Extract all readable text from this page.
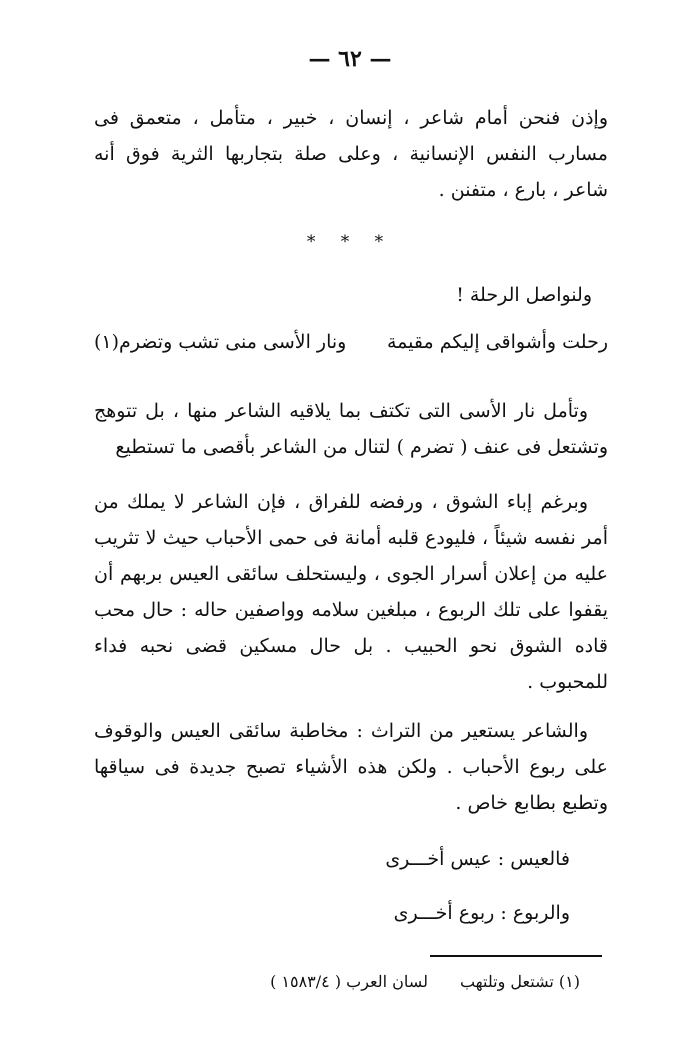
— ٦٢ —

وإذن فنحن أمام شاعر ، إنسان ، خبير ، متأمل ، متعمق فى مسارب النفس الإنسانية ، وعلى صلة بتجاربها الثرية فوق أنه شاعر ، بارع ، متفنن .

* * *
ولنواصل الرحلة !
رحلت وأشواقى إليكم مقيمة
ونار الأسى منى تشب وتضرم(١)

وتأمل نار الأسى التى تكتف بما يلاقيه الشاعر منها ، بل تتوهج وتشتعل فى عنف ( تضرم ) لتنال من الشاعر بأقصى ما تستطيع

وبرغم إباء الشوق ، ورفضه للفراق ، فإن الشاعر لا يملك من أمر نفسه شيئاً ، فليودع قلبه أمانة فى حمى الأحباب حيث لا تثريب عليه من إعلان أسرار الجوى ، وليستحلف سائقى العيس بربهم أن يقفوا على تلك الربوع ، مبلغين سلامه وواصفين حاله : حال محب قاده الشوق نحو الحبيب . بل حال مسكين قضى نحبه فداء للمحبوب .

والشاعر يستعير من التراث : مخاطبة سائقى العيس والوقوف على ربوع الأحباب . ولكن هذه الأشياء تصبح جديدة فى سياقها وتطبع بطابع خاص .

فالعيس : عيس أخـــرى
والربوع : ربوع أخـــرى
(١) تشتعل وتلتهب
لسان العرب ( ١٥٨٣/٤ )
